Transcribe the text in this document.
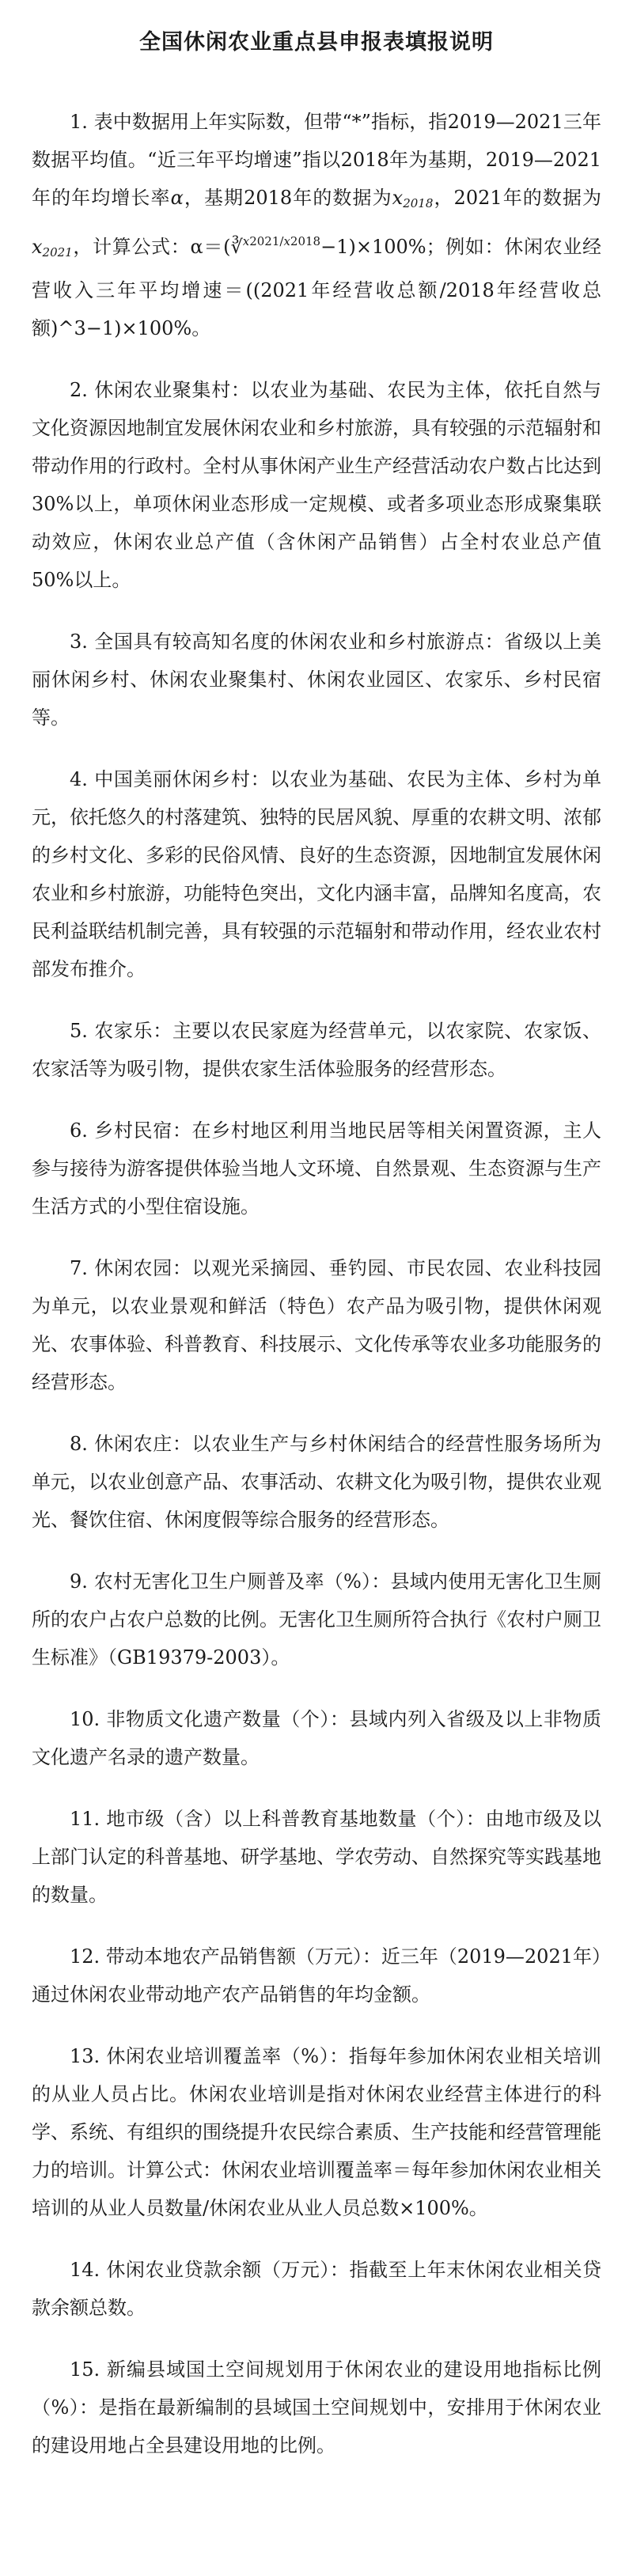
全国休闲农业重点县申报表填报说明

1. 表中数据用上年实际数，但带“*”指标，指2019—2021三年数据平均值。“近三年平均增速”指以2018年为基期，2019—2021年的年均增长率α，基期2018年的数据为$x_{2018}$，2021年的数据为$x_{2021}$，计算公式：α＝(∛$^{x2021/x2018}$−1)×100%；例如：休闲农业经营收入三年平均增速＝((2021年经营收总额/2018年经营收总额)^3−1)×100%。

2. 休闲农业聚集村：以农业为基础、农民为主体，依托自然与文化资源因地制宜发展休闲农业和乡村旅游，具有较强的示范辐射和带动作用的行政村。全村从事休闲产业生产经营活动农户数占比达到30%以上，单项休闲业态形成一定规模、或者多项业态形成聚集联动效应，休闲农业总产值（含休闲产品销售）占全村农业总产值50%以上。

3. 全国具有较高知名度的休闲农业和乡村旅游点：省级以上美丽休闲乡村、休闲农业聚集村、休闲农业园区、农家乐、乡村民宿等。

4. 中国美丽休闲乡村：以农业为基础、农民为主体、乡村为单元，依托悠久的村落建筑、独特的民居风貌、厚重的农耕文明、浓郁的乡村文化、多彩的民俗风情、良好的生态资源，因地制宜发展休闲农业和乡村旅游，功能特色突出，文化内涵丰富，品牌知名度高，农民利益联结机制完善，具有较强的示范辐射和带动作用，经农业农村部发布推介。

5. 农家乐：主要以农民家庭为经营单元，以农家院、农家饭、农家活等为吸引物，提供农家生活体验服务的经营形态。

6. 乡村民宿：在乡村地区利用当地民居等相关闲置资源，主人参与接待为游客提供体验当地人文环境、自然景观、生态资源与生产生活方式的小型住宿设施。

7. 休闲农园：以观光采摘园、垂钓园、市民农园、农业科技园为单元，以农业景观和鲜活（特色）农产品为吸引物，提供休闲观光、农事体验、科普教育、科技展示、文化传承等农业多功能服务的经营形态。

8. 休闲农庄：以农业生产与乡村休闲结合的经营性服务场所为单元，以农业创意产品、农事活动、农耕文化为吸引物，提供农业观光、餐饮住宿、休闲度假等综合服务的经营形态。

9. 农村无害化卫生户厕普及率（%）：县域内使用无害化卫生厕所的农户占农户总数的比例。无害化卫生厕所符合执行《农村户厕卫生标准》（GB19379-2003）。

10. 非物质文化遗产数量（个）：县域内列入省级及以上非物质文化遗产名录的遗产数量。

11. 地市级（含）以上科普教育基地数量（个）：由地市级及以上部门认定的科普基地、研学基地、学农劳动、自然探究等实践基地的数量。

12. 带动本地农产品销售额（万元）：近三年（2019—2021年）通过休闲农业带动地产农产品销售的年均金额。

13. 休闲农业培训覆盖率（%）：指每年参加休闲农业相关培训的从业人员占比。休闲农业培训是指对休闲农业经营主体进行的科学、系统、有组织的围绕提升农民综合素质、生产技能和经营管理能力的培训。计算公式：休闲农业培训覆盖率＝每年参加休闲农业相关培训的从业人员数量/休闲农业从业人员总数×100%。

14. 休闲农业贷款余额（万元）：指截至上年末休闲农业相关贷款余额总数。

15. 新编县域国土空间规划用于休闲农业的建设用地指标比例（%）：是指在最新编制的县域国土空间规划中，安排用于休闲农业的建设用地占全县建设用地的比例。
